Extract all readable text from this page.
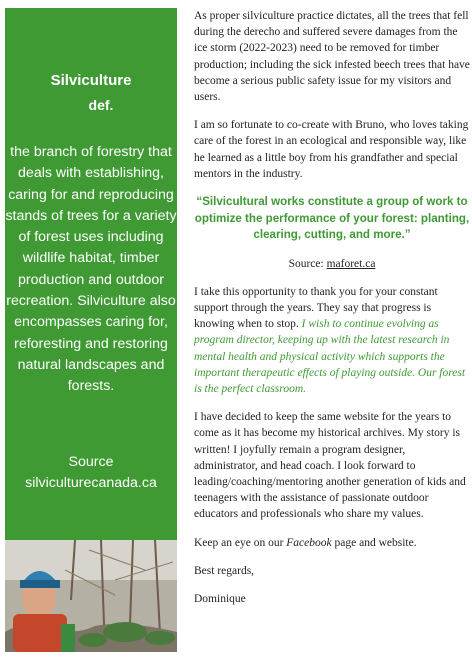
Silviculture
def.
the branch of forestry that deals with establishing, caring for and reproducing stands of trees for a variety of forest uses including wildlife habitat, timber production and outdoor recreation. Silviculture also encompasses caring for, reforesting and restoring natural landscapes and forests.
Source
silviculturecanada.ca

As proper silviculture practice dictates, all the trees that fell during the derecho and suffered severe damages from the ice storm (2022-2023) need to be removed for timber production; including the sick infested beech trees that have become a serious public safety issue for my visitors and users.

I am so fortunate to co-create with Bruno, who loves taking care of the forest in an ecological and responsible way, like he learned as a little boy from his grandfather and special mentors in the industry.

“Silvicultural works constitute a group of work to optimize the performance of your forest: planting, clearing, cutting, and more.”

Source: maforet.ca

I take this opportunity to thank you for your constant support through the years. They say that progress is knowing when to stop. I wish to continue evolving as program director, keeping up with the latest research in mental health and physical activity which supports the important therapeutic effects of playing outside. Our forest is the perfect classroom.

I have decided to keep the same website for the years to come as it has become my historical archives. My story is written! I joyfully remain a program designer, administrator, and head coach. I look forward to leading/coaching/mentoring another generation of kids and teenagers with the assistance of passionate outdoor educators and professionals who share my values.

Keep an eye on our Facebook page and website.

Best regards,

Dominique
